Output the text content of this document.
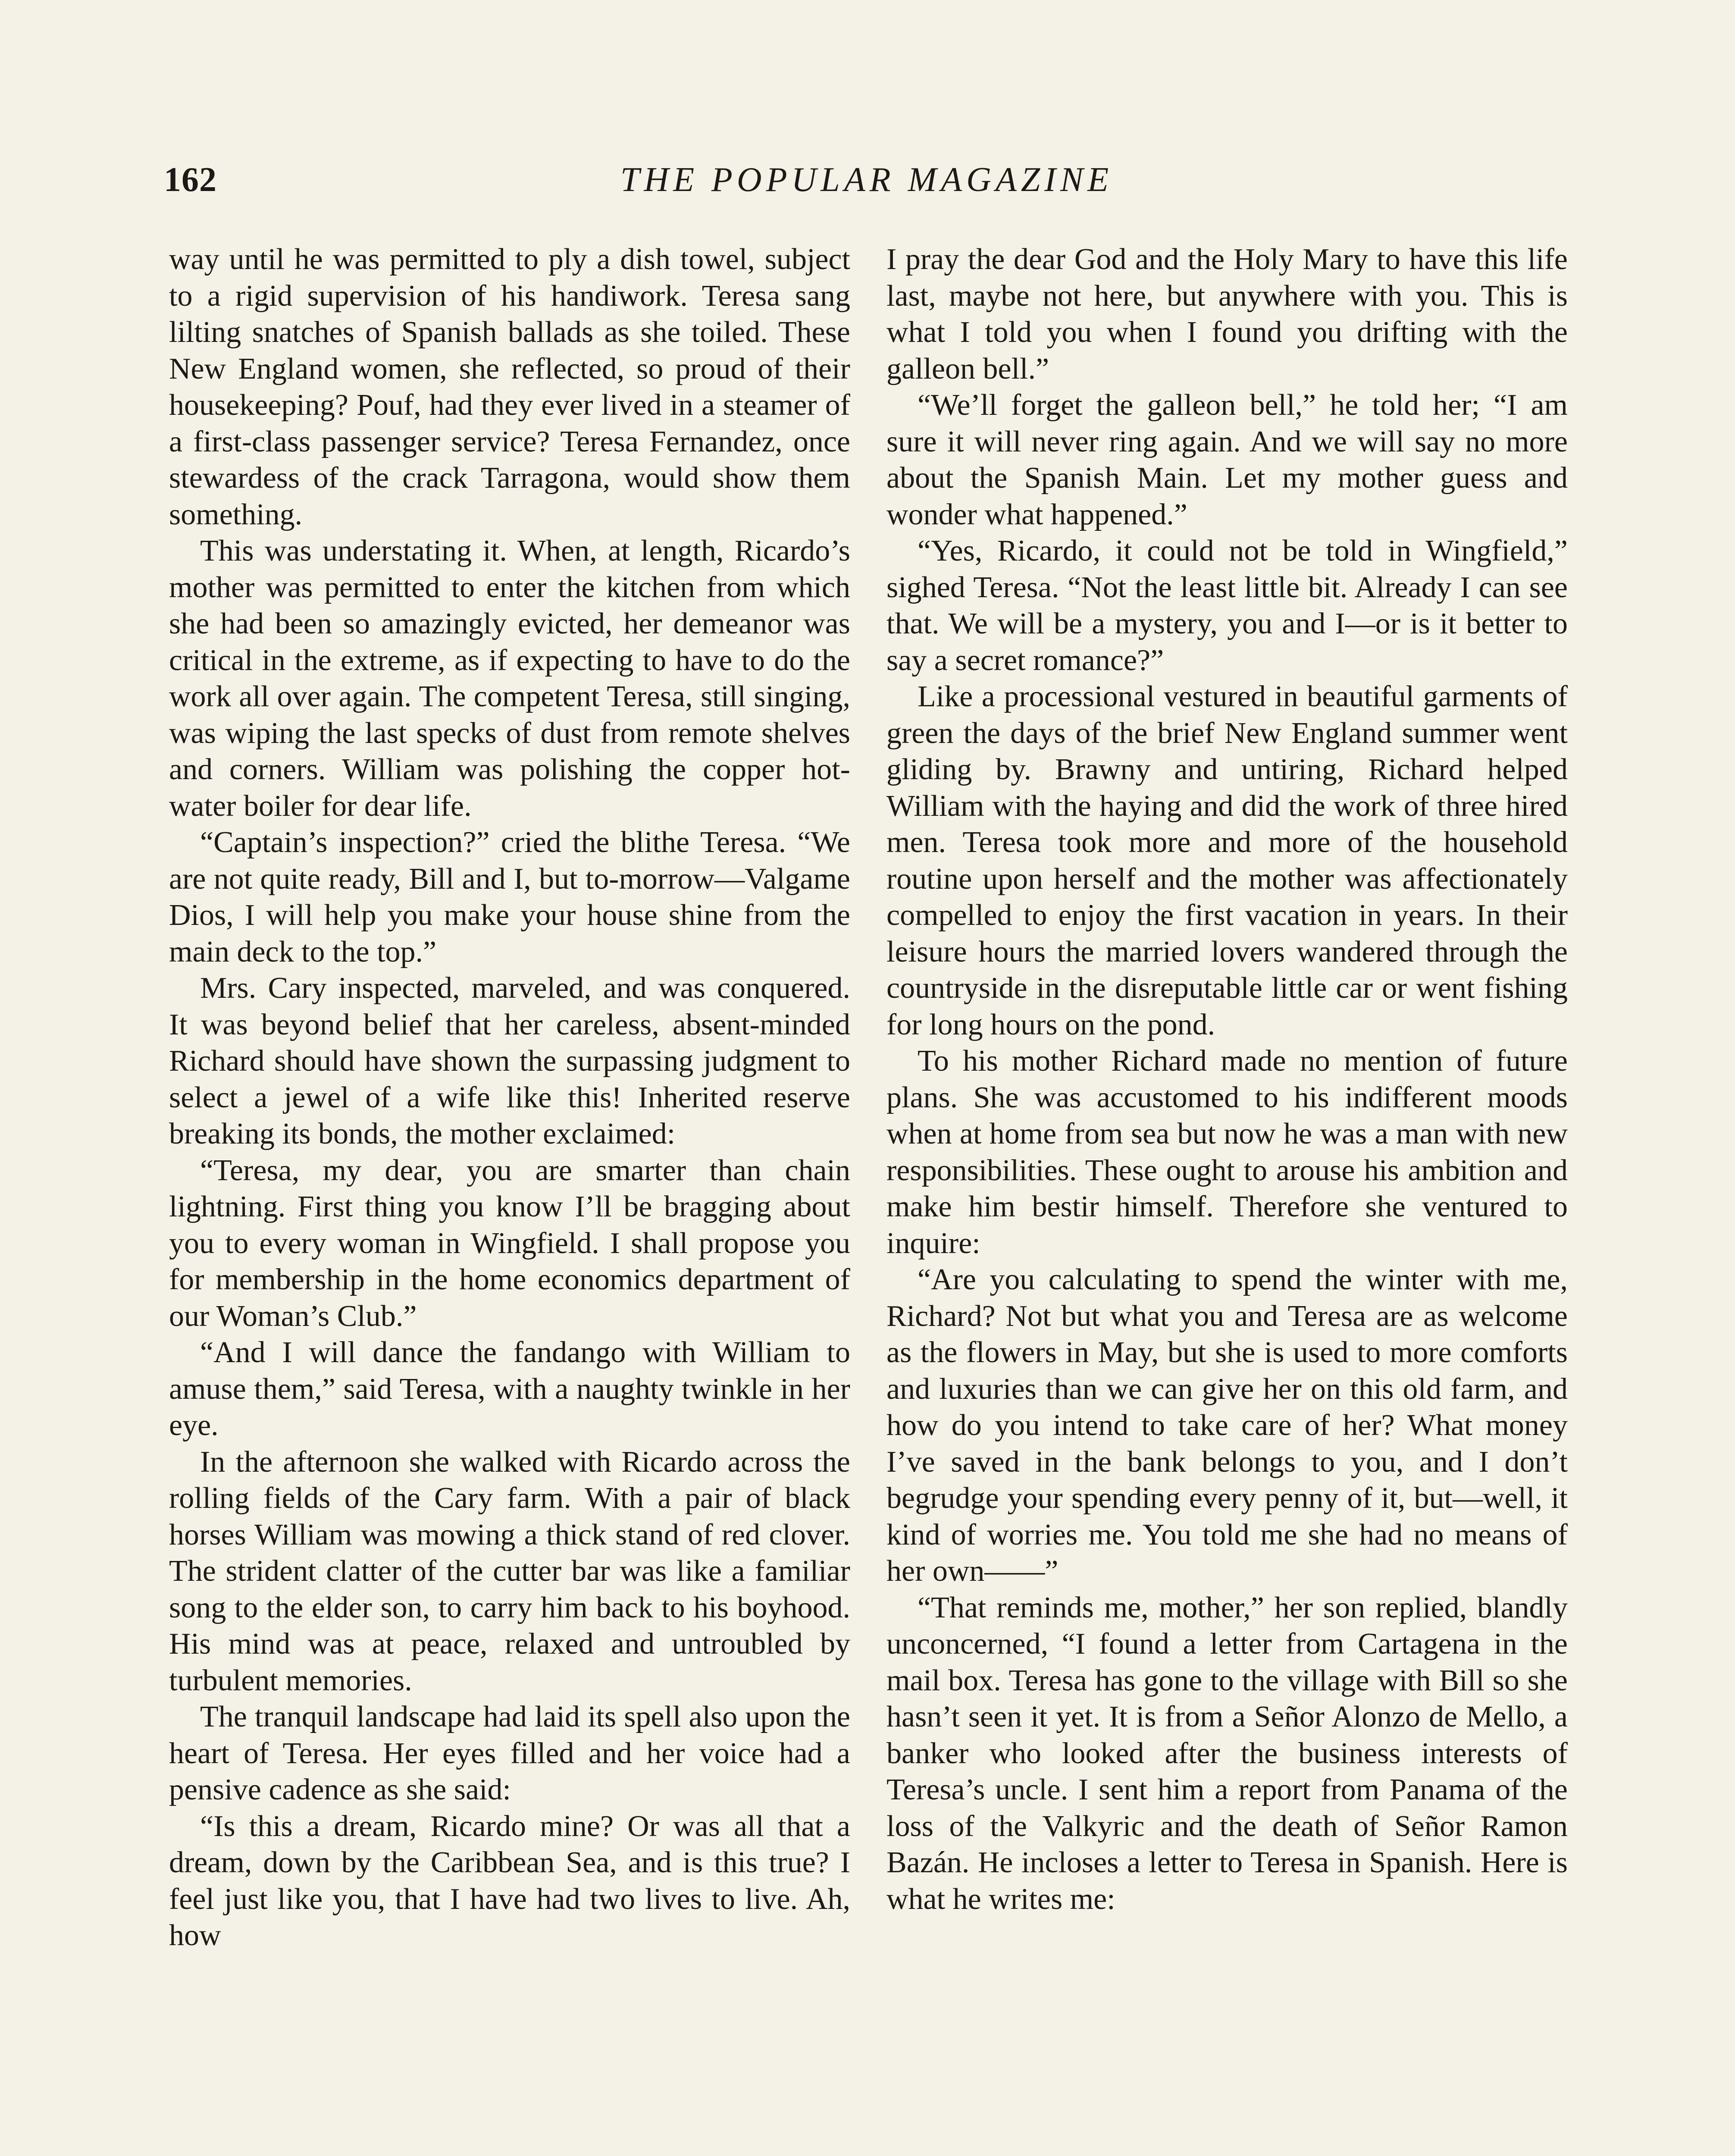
162	THE POPULAR MAGAZINE

way until he was permitted to ply a dish towel, subject to a rigid supervision of his handiwork. Teresa sang lilting snatches of Spanish ballads as she toiled. These New England women, she reflected, so proud of their housekeeping? Pouf, had they ever lived in a steamer of a first-class passenger service? Teresa Fernandez, once stewardess of the crack Tarragona, would show them something.

This was understating it. When, at length, Ricardo’s mother was permitted to enter the kitchen from which she had been so amazingly evicted, her demeanor was critical in the extreme, as if expecting to have to do the work all over again. The competent Teresa, still singing, was wiping the last specks of dust from remote shelves and corners. William was polishing the copper hot-water boiler for dear life.

“Captain’s inspection?” cried the blithe Teresa. “We are not quite ready, Bill and I, but to-morrow—Valgame Dios, I will help you make your house shine from the main deck to the top.”

Mrs. Cary inspected, marveled, and was conquered. It was beyond belief that her careless, absent-minded Richard should have shown the surpassing judgment to select a jewel of a wife like this! Inherited reserve breaking its bonds, the mother exclaimed:

“Teresa, my dear, you are smarter than chain lightning. First thing you know I’ll be bragging about you to every woman in Wingfield. I shall propose you for membership in the home economics department of our Woman’s Club.”

“And I will dance the fandango with William to amuse them,” said Teresa, with a naughty twinkle in her eye.

In the afternoon she walked with Ricardo across the rolling fields of the Cary farm. With a pair of black horses William was mowing a thick stand of red clover. The strident clatter of the cutter bar was like a familiar song to the elder son, to carry him back to his boyhood. His mind was at peace, relaxed and untroubled by turbulent memories.

The tranquil landscape had laid its spell also upon the heart of Teresa. Her eyes filled and her voice had a pensive cadence as she said:

“Is this a dream, Ricardo mine? Or was all that a dream, down by the Caribbean Sea, and is this true? I feel just like you, that I have had two lives to live. Ah, how

I pray the dear God and the Holy Mary to have this life last, maybe not here, but anywhere with you. This is what I told you when I found you drifting with the galleon bell.”

“We’ll forget the galleon bell,” he told her; “I am sure it will never ring again. And we will say no more about the Spanish Main. Let my mother guess and wonder what happened.”

“Yes, Ricardo, it could not be told in Wingfield,” sighed Teresa. “Not the least little bit. Already I can see that. We will be a mystery, you and I—or is it better to say a secret romance?”

Like a processional vestured in beautiful garments of green the days of the brief New England summer went gliding by. Brawny and untiring, Richard helped William with the haying and did the work of three hired men. Teresa took more and more of the household routine upon herself and the mother was affectionately compelled to enjoy the first vacation in years. In their leisure hours the married lovers wandered through the countryside in the disreputable little car or went fishing for long hours on the pond.

To his mother Richard made no mention of future plans. She was accustomed to his indifferent moods when at home from sea but now he was a man with new responsibilities. These ought to arouse his ambition and make him bestir himself. Therefore she ventured to inquire:

“Are you calculating to spend the winter with me, Richard? Not but what you and Teresa are as welcome as the flowers in May, but she is used to more comforts and luxuries than we can give her on this old farm, and how do you intend to take care of her? What money I’ve saved in the bank belongs to you, and I don’t begrudge your spending every penny of it, but—well, it kind of worries me. You told me she had no means of her own——”

“That reminds me, mother,” her son replied, blandly unconcerned, “I found a letter from Cartagena in the mail box. Teresa has gone to the village with Bill so she hasn’t seen it yet. It is from a Señor Alonzo de Mello, a banker who looked after the business interests of Teresa’s uncle. I sent him a report from Panama of the loss of the Valkyric and the death of Señor Ramon Bazán. He incloses a letter to Teresa in Spanish. Here is what he writes me:
